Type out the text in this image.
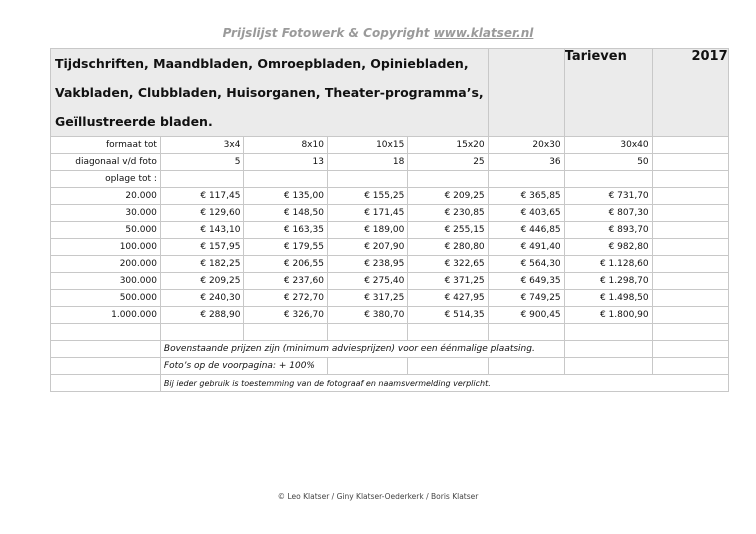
Prijslijst Fotowerk & Copyright www.klatser.nl
Tijdschriften, Maandbladen, Omroepbladen, Opiniebladen,
Vakbladen, Clubbladen, Huisorganen, Theater-programma’s,
Geïllustreerde bladen.						Tarieven	2017
formaat tot	3x4	8x10	10x15	15x20	20x30	30x40	
diagonaal v/d foto	5	13	18	25	36	50	
oplage tot :							
20.000	€ 117,45	€ 135,00	€ 155,25	€ 209,25	€ 365,85	€ 731,70	
30.000	€ 129,60	€ 148,50	€ 171,45	€ 230,85	€ 403,65	€ 807,30	
50.000	€ 143,10	€ 163,35	€ 189,00	€ 255,15	€ 446,85	€ 893,70	
100.000	€ 157,95	€ 179,55	€ 207,90	€ 280,80	€ 491,40	€ 982,80	
200.000	€ 182,25	€ 206,55	€ 238,95	€ 322,65	€ 564,30	€ 1.128,60	
300.000	€ 209,25	€ 237,60	€ 275,40	€ 371,25	€ 649,35	€ 1.298,70	
500.000	€ 240,30	€ 272,70	€ 317,25	€ 427,95	€ 749,25	€ 1.498,50	
1.000.000	€ 288,90	€ 326,70	€ 380,70	€ 514,35	€ 900,45	€ 1.800,90	

	Bovenstaande prijzen zijn (minimum adviesprijzen) voor een éénmalige plaatsing.						
	Foto’s op de voorpagina: + 100%						
	Bij ieder gebruik is toestemming van de fotograaf en naamsvermelding verplicht.						
© Leo Klatser / Giny Klatser-Oederkerk / Boris Klatser
